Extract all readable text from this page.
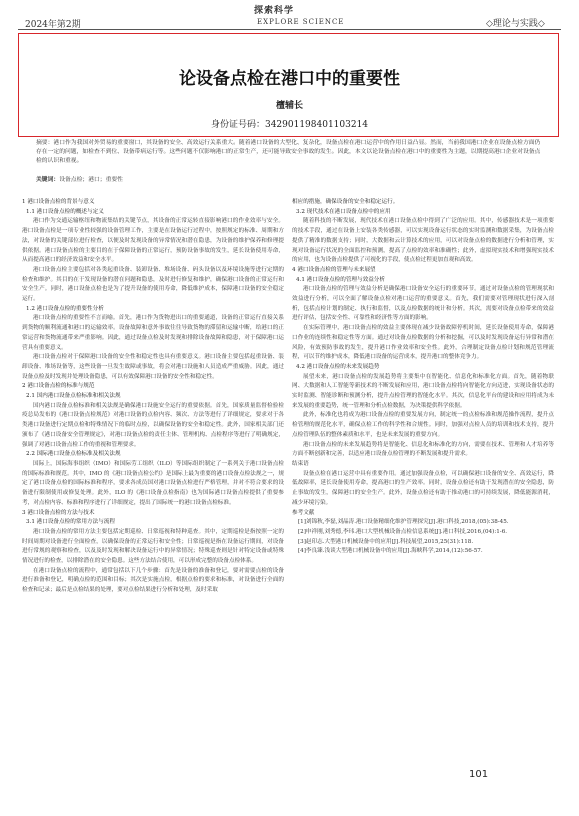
探索科学
2024年第2期	EXPLORE SCIENCE	◇理论与实践◇
论设备点检在港口中的重要性
檀辅长
身份证号码：342901198401103214
摘要：港口作为我国对外贸易的重要窗口，其设备的安全、高效运行关系重大。随着港口设备的大型化、复杂化，设备点检在港口运营中的作用日益凸显。然而，当前我国港口企业在设备点检方面仍存在一定的问题，如检查不到位、设备带病运行等。这些问题不仅影响港口的正常生产，还可能导致安全事故的发生。因此，本文以论设备点检在港口中的重要性为主题，以期提高港口企业对设备点检的认识和重视。
关键词：设备点检；港口；重要性

1 港口设备点检的背景与意义

1.1 港口设备点检的概述与定义

港口作为交通运输枢纽和物流集结的关键节点，其设备的正常运转直接影响港口的作业效率与安全。港口设备点检是一项专业性较强的设备管理工作，主要是在设备运行过程中，按照规定的标准、周期和方法，对设备的关键部位进行检查，以便及时发现设备的异常情况和潜在隐患，为设备的维护保养和修理提供依据。港口设备点检的主要目的在于保障设备的正常运行，预防设备事故的发生，延长设备使用寿命，从而提高港口的经济效益和安全水平。

港口设备点检主要包括对各类起重设备、装卸设备、堆场设备、码头设备以及环境设施等进行定期的检查和维护。其目的在于发现设备的潜在问题和隐患，及时进行修复和维护，确保港口设备的正常运行和安全生产。同时，港口设备点检也是为了提升设备的使用寿命，降低维护成本，保障港口设备的安全稳定运行。

1.2 港口设备点检的重要性分析

港口设备点检的重要性不言而喻。首先，港口作为货物进出口的重要通道，设备的正常运行直接关系到货物的顺利流通和港口的运输效率。设备故障和意外事故往往导致货物的滞留和运输中断，给港口的正常运营和货物流通带来严重影响。因此，通过设备点检及时发现和排除设备故障和隐患，对于保障港口运营具有重要意义。

港口设备点检对于保障港口设备的安全性和稳定性也具有重要意义。港口设备主要包括起重设备、装卸设备、堆场设备等，这些设备一旦发生故障或事故，将会对港口设施和人员造成严重威胁。因此，通过设备点检及时发现并处理设备隐患，可以有效保障港口设备的安全性和稳定性。

2 港口设备点检的标准与规范

2.1 国内港口设备点检标准和相关法规

国内港口设备点检标准和相关法规是确保港口设施安全运行的重要依据。首先，国家质量监督检验检疫总局发布的《港口设备点检规范》对港口设备的点检内容、频次、方法等进行了详细规定，要求对于各类港口设备进行定期点检和特殊情况下的临时点检，以确保设备的安全和稳定性。此外，国家相关部门还颁布了《港口设备安全管理规定》，对港口设备点检的责任主体、管理机构、点检程序等进行了明确规定，强调了对港口设备点检工作的重视和管理要求。

2.2 国际港口设备点检标准及相关法规

国际上，国际海事组织（IMO）和国际劳工组织（ILO）等国际组织制定了一系列关于港口设备点检的国际标准和规范。其中，IMO 的《港口设备点检公约》是国际上最为重要的港口设备点检法规之一，规定了港口设备点检的国际标准和程序，要求各成员国对港口设备点检进行严格管理，并对不符合要求的设备进行限制使用或修复处理。此外，ILO 的《港口设备点检指南》也为国际港口设备点检提供了重要参考，对点检内容、标准和程序进行了详细规定，提出了国际统一的港口设备点检标准。

3 港口设备点检的方法与技术

3.1 港口设备点检的常用方法与流程

港口设备点检的常用方法主要包括定期巡检、日常巡视和特种巡查。其中，定期巡检是指按照一定的时间周期对设备进行全面检查，以确保设备的正常运行和安全性；日常巡视是指在设备运行期间，对设备进行常规的观察和检查，以及及时发现和解决设备运行中的异常情况；特殊巡查则是针对特定设备或特殊情况进行的检查，以排除潜在的安全隐患。这些方法结合使用，可以形成完整的设备点检体系。

在港口设备点检的流程中，通常包括以下几个步骤：首先是设备的准备和登记，要对需要点检的设备进行准备和登记，明确点检的范围和目标；其次是实施点检，根据点检的要求和标准，对设备进行全面的检查和记录；最后是点检结果的处理，要对点检结果进行分析和处理，及时采取

相应的措施，确保设备的安全和稳定运行。

3.2 现代技术在港口设备点检中的应用

随着科技的不断发展，现代技术在港口设备点检中得到了广泛的应用。其中，传感器技术是一项重要的技术手段，通过在设备上安装各类传感器，可以实现设备运行状态的实时监测和数据采集，为设备点检提供了精准的数据支持；同时，大数据和云计算技术的应用，可以对设备点检的数据进行分析和管理，实现对设备运行状况的全面监控和预测，提高了点检的效率和准确性；此外，虚拟现实技术和增强现实技术的应用，也为设备点检提供了可视化的手段，使点检过程更加直观和高效。

4 港口设备点检的管理与未来展望

4.1 港口设备点检的管理与效益分析

港口设备点检的管理与效益分析是确保港口设备安全运行的重要环节。通过对设备点检的管理现状和效益进行分析，可以全面了解设备点检对港口运营的重要意义。首先，我们需要对管理现状进行深入剖析，包括点检计划的制定、执行和监督，以及点检数据的统计和分析。其次，需要对设备点检带来的效益进行评估，包括安全性、可靠性和经济性等方面的影响。

在实际管理中，港口设备点检的效益主要体现在减少设备故障停机时间，延长设备使用寿命，保障港口作业的连续性和稳定性等方面。通过对设备点检数据的分析和挖掘，可以及时发现设备运行异常和潜在风险，有效预防事故的发生，提升港口作业效率和安全性。此外，合理制定设备点检计划和规范管理流程，可以节约维护成本，降低港口设备的运营成本，提升港口的整体竞争力。

4.2 港口设备点检的未来发展趋势

展望未来，港口设备点检的发展趋势将主要集中在智能化、信息化和标准化方面。首先，随着物联网、大数据和人工智能等新技术的不断发展和应用，港口设备点检将向智能化方向迈进，实现设备状态的实时监测、智能诊断和预测分析，提升点检管理的智能化水平。其次，信息化平台的建设和应用将成为未来发展的重要趋势，统一管理和分析点检数据，为决策提供科学依据。

此外，标准化也将成为港口设备点检的重要发展方向，制定统一的点检标准和规范操作流程，提升点检管理的规范化水平，确保点检工作的科学性和合规性。同时，加强对点检人员的培训和技术支持，提升点检管理队伍的整体素质和水平，也是未来发展的重要方向。

港口设备点检的未来发展趋势将是智能化、信息化和标准化的方向，需要在技术、管理和人才培养等方面不断创新和完善，以适应港口设备点检管理的不断发展和提升需求。

结束语

设备点检在港口运营中具有重要作用。通过加强设备点检，可以确保港口设备的安全、高效运行，降低故障率，延长设备使用寿命，提高港口的生产效率。同时，设备点检还有助于发现潜在的安全隐患，防止事故的发生，保障港口的安全生产。此外，设备点检还有助于推动港口的可持续发展，降低能源消耗，减少环境污染。

参考文献

[1]刘锦秋,李磊,刘晶涛.港口设备精细化维护管理探究[J].港口科技,2018,(05):38-45.

[2]申祥刚,刘秀德,李玮.港口大型机械设备点检信息系统[J].港口科技,2016,(04):1-6.

[3]赵印志.大型港口机械设备中的应用[J].科技展望,2015,25(31):118.

[4]李良臻.浅谈大型港口机械设备中的应用[J].海峡科学,2014,(12):56-57.

101
